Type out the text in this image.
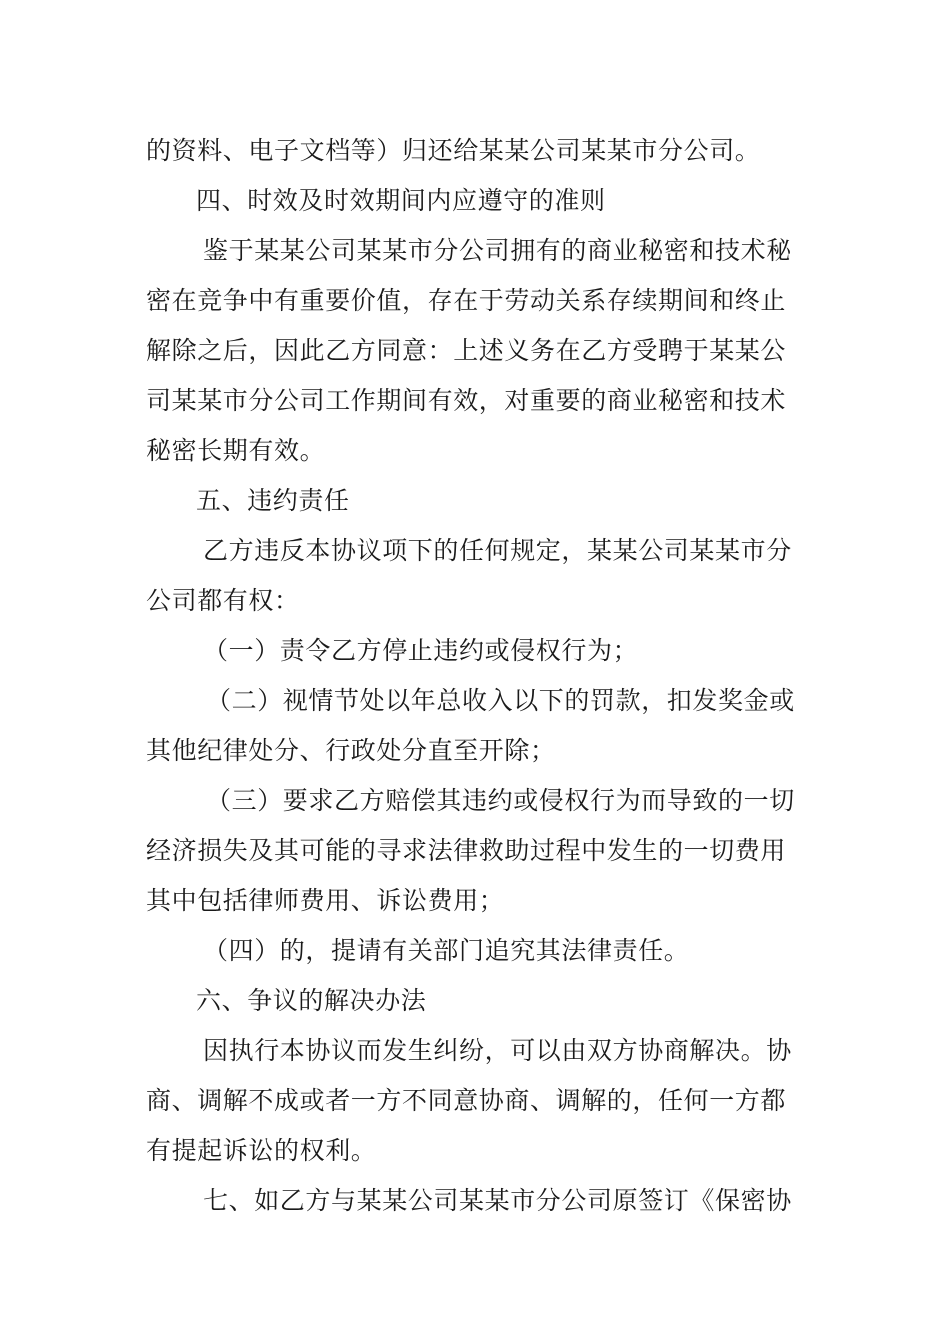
的资料、电子文档等）归还给某某公司某某市分公司。
四、时效及时效期间内应遵守的准则
鉴于某某公司某某市分公司拥有的商业秘密和技术秘
密在竞争中有重要价值，存在于劳动关系存续期间和终止
解除之后，因此乙方同意：上述义务在乙方受聘于某某公
司某某市分公司工作期间有效，对重要的商业秘密和技术
秘密长期有效。
五、违约责任
乙方违反本协议项下的任何规定，某某公司某某市分
公司都有权：
（一）责令乙方停止违约或侵权行为；
（二）视情节处以年总收入以下的罚款，扣发奖金或
其他纪律处分、行政处分直至开除；
（三）要求乙方赔偿其违约或侵权行为而导致的一切
经济损失及其可能的寻求法律救助过程中发生的一切费用
其中包括律师费用、诉讼费用；
（四）的，提请有关部门追究其法律责任。
六、争议的解决办法
因执行本协议而发生纠纷，可以由双方协商解决。协
商、调解不成或者一方不同意协商、调解的，任何一方都
有提起诉讼的权利。
七、如乙方与某某公司某某市分公司原签订《保密协
